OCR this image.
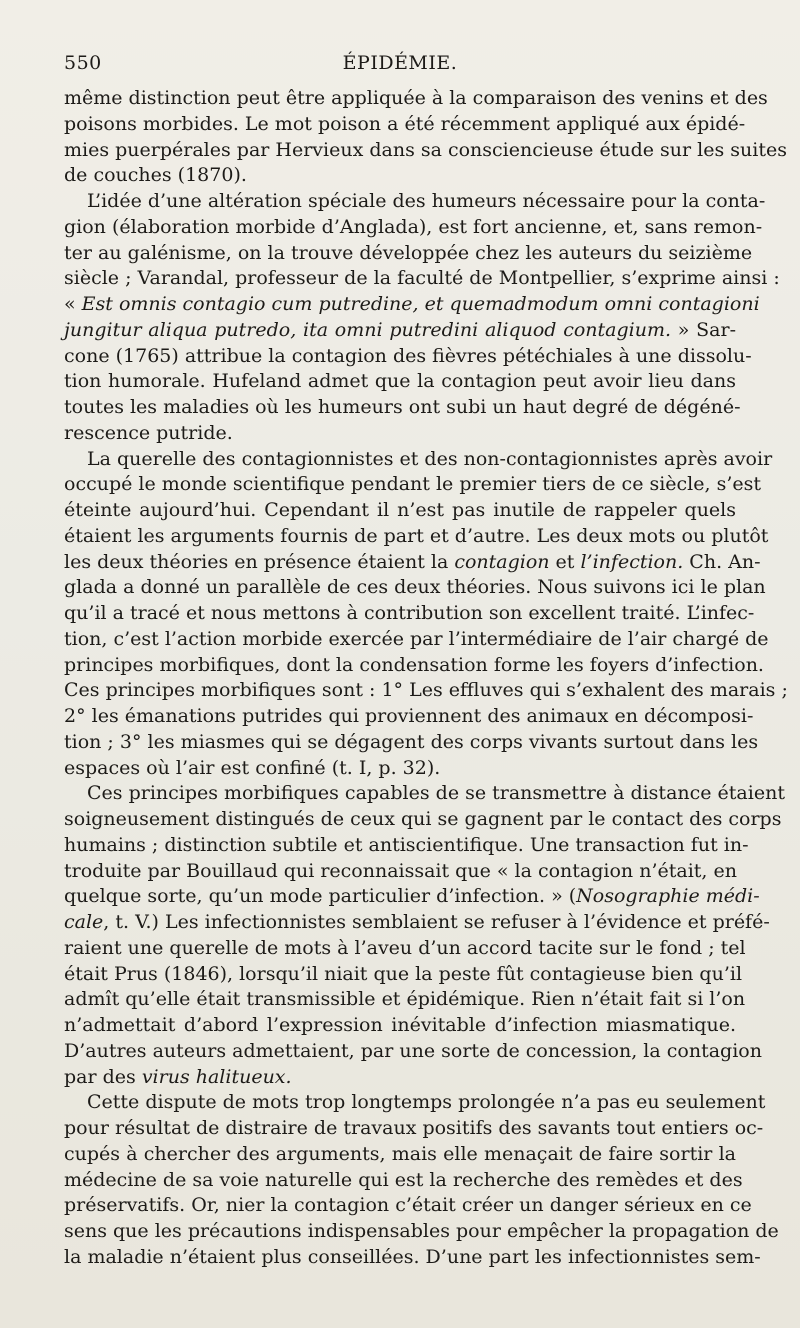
550	ÉPIDÉMIE.
même distinction peut être appliquée à la comparaison des venins et des
poisons morbides. Le mot poison a été récemment appliqué aux épidé-
mies puerpérales par Hervieux dans sa consciencieuse étude sur les suites
de couches (1870).
L’idée d’une altération spéciale des humeurs nécessaire pour la conta-
gion (élaboration morbide d’Anglada), est fort ancienne, et, sans remon-
ter au galénisme, on la trouve développée chez les auteurs du seizième
siècle ; Varandal, professeur de la faculté de Montpellier, s’exprime ainsi :
« Est omnis contagio cum putredine, et quemadmodum omni contagioni
jungitur aliqua putredo, ita omni putredini aliquod contagium. » Sar-
cone (1765) attribue la contagion des fièvres pétéchiales à une dissolu-
tion humorale. Hufeland admet que la contagion peut avoir lieu dans
toutes les maladies où les humeurs ont subi un haut degré de dégéné-
rescence putride.
La querelle des contagionnistes et des non-contagionnistes après avoir
occupé le monde scientifique pendant le premier tiers de ce siècle, s’est
éteinte aujourd’hui. Cependant il n’est pas inutile de rappeler quels
étaient les arguments fournis de part et d’autre. Les deux mots ou plutôt
les deux théories en présence étaient la contagion et l’infection. Ch. An-
glada a donné un parallèle de ces deux théories. Nous suivons ici le plan
qu’il a tracé et nous mettons à contribution son excellent traité. L’infec-
tion, c’est l’action morbide exercée par l’intermédiaire de l’air chargé de
principes morbifiques, dont la condensation forme les foyers d’infection.
Ces principes morbifiques sont : 1° Les effluves qui s’exhalent des marais ;
2° les émanations putrides qui proviennent des animaux en décomposi-
tion ; 3° les miasmes qui se dégagent des corps vivants surtout dans les
espaces où l’air est confiné (t. I, p. 32).
Ces principes morbifiques capables de se transmettre à distance étaient
soigneusement distingués de ceux qui se gagnent par le contact des corps
humains ; distinction subtile et antiscientifique. Une transaction fut in-
troduite par Bouillaud qui reconnaissait que « la contagion n’était, en
quelque sorte, qu’un mode particulier d’infection. » (Nosographie médi-
cale, t. V.) Les infectionnistes semblaient se refuser à l’évidence et préfé-
raient une querelle de mots à l’aveu d’un accord tacite sur le fond ; tel
était Prus (1846), lorsqu’il niait que la peste fût contagieuse bien qu’il
admît qu’elle était transmissible et épidémique. Rien n’était fait si l’on
n’admettait d’abord l’expression inévitable d’infection miasmatique.
D’autres auteurs admettaient, par une sorte de concession, la contagion
par des virus halitueux.
Cette dispute de mots trop longtemps prolongée n’a pas eu seulement
pour résultat de distraire de travaux positifs des savants tout entiers oc-
cupés à chercher des arguments, mais elle menaçait de faire sortir la
médecine de sa voie naturelle qui est la recherche des remèdes et des
préservatifs. Or, nier la contagion c’était créer un danger sérieux en ce
sens que les précautions indispensables pour empêcher la propagation de
la maladie n’étaient plus conseillées. D’une part les infectionnistes sem-
